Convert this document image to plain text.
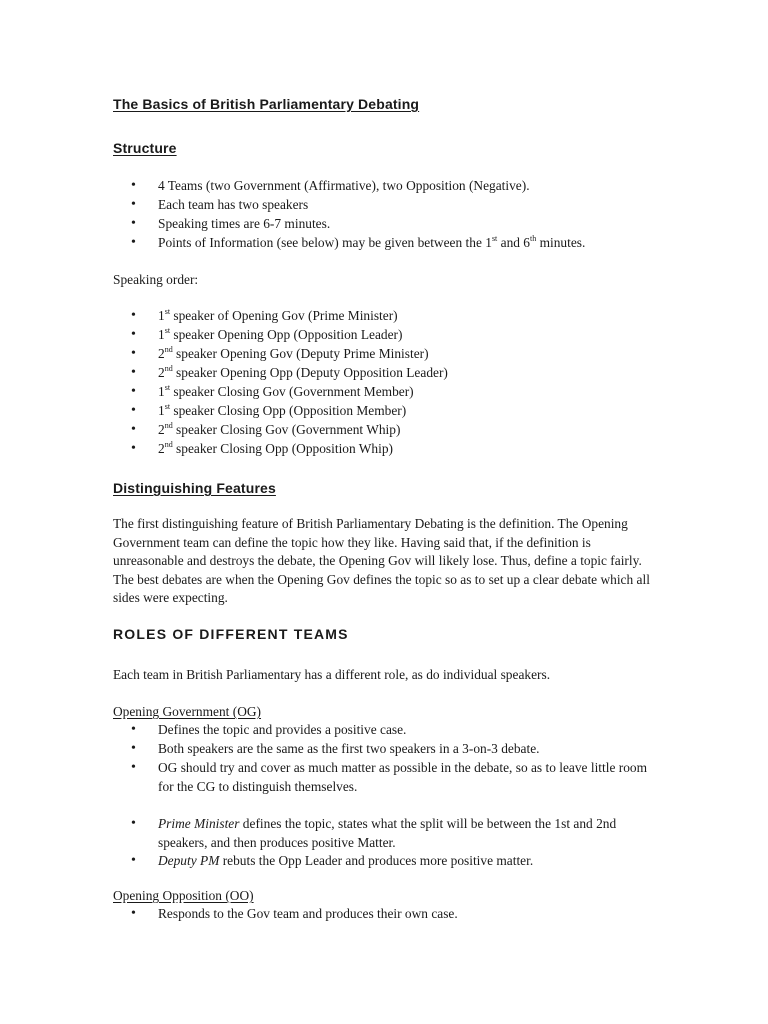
The Basics of British Parliamentary Debating
Structure
• 4 Teams (two Government (Affirmative), two Opposition (Negative).
• Each team has two speakers
• Speaking times are 6-7 minutes.
• Points of Information (see below) may be given between the 1st and 6th minutes.
Speaking order:
• 1st speaker of Opening Gov (Prime Minister)
• 1st speaker Opening Opp (Opposition Leader)
• 2nd speaker Opening Gov (Deputy Prime Minister)
• 2nd speaker Opening Opp (Deputy Opposition Leader)
• 1st speaker Closing Gov (Government Member)
• 1st speaker Closing Opp (Opposition Member)
• 2nd speaker Closing Gov (Government Whip)
• 2nd speaker Closing Opp (Opposition Whip)
Distinguishing Features
The first distinguishing feature of British Parliamentary Debating is the definition. The Opening Government team can define the topic how they like. Having said that, if the definition is unreasonable and destroys the debate, the Opening Gov will likely lose. Thus, define a topic fairly. The best debates are when the Opening Gov defines the topic so as to set up a clear debate which all sides were expecting.
ROLES OF DIFFERENT TEAMS
Each team in British Parliamentary has a different role, as do individual speakers.
Opening Government (OG)
• Defines the topic and provides a positive case.
• Both speakers are the same as the first two speakers in a 3-on-3 debate.
• OG should try and cover as much matter as possible in the debate, so as to leave little room for the CG to distinguish themselves.
• Prime Minister defines the topic, states what the split will be between the 1st and 2nd speakers, and then produces positive Matter.
• Deputy PM rebuts the Opp Leader and produces more positive matter.
Opening Opposition (OO)
• Responds to the Gov team and produces their own case.
